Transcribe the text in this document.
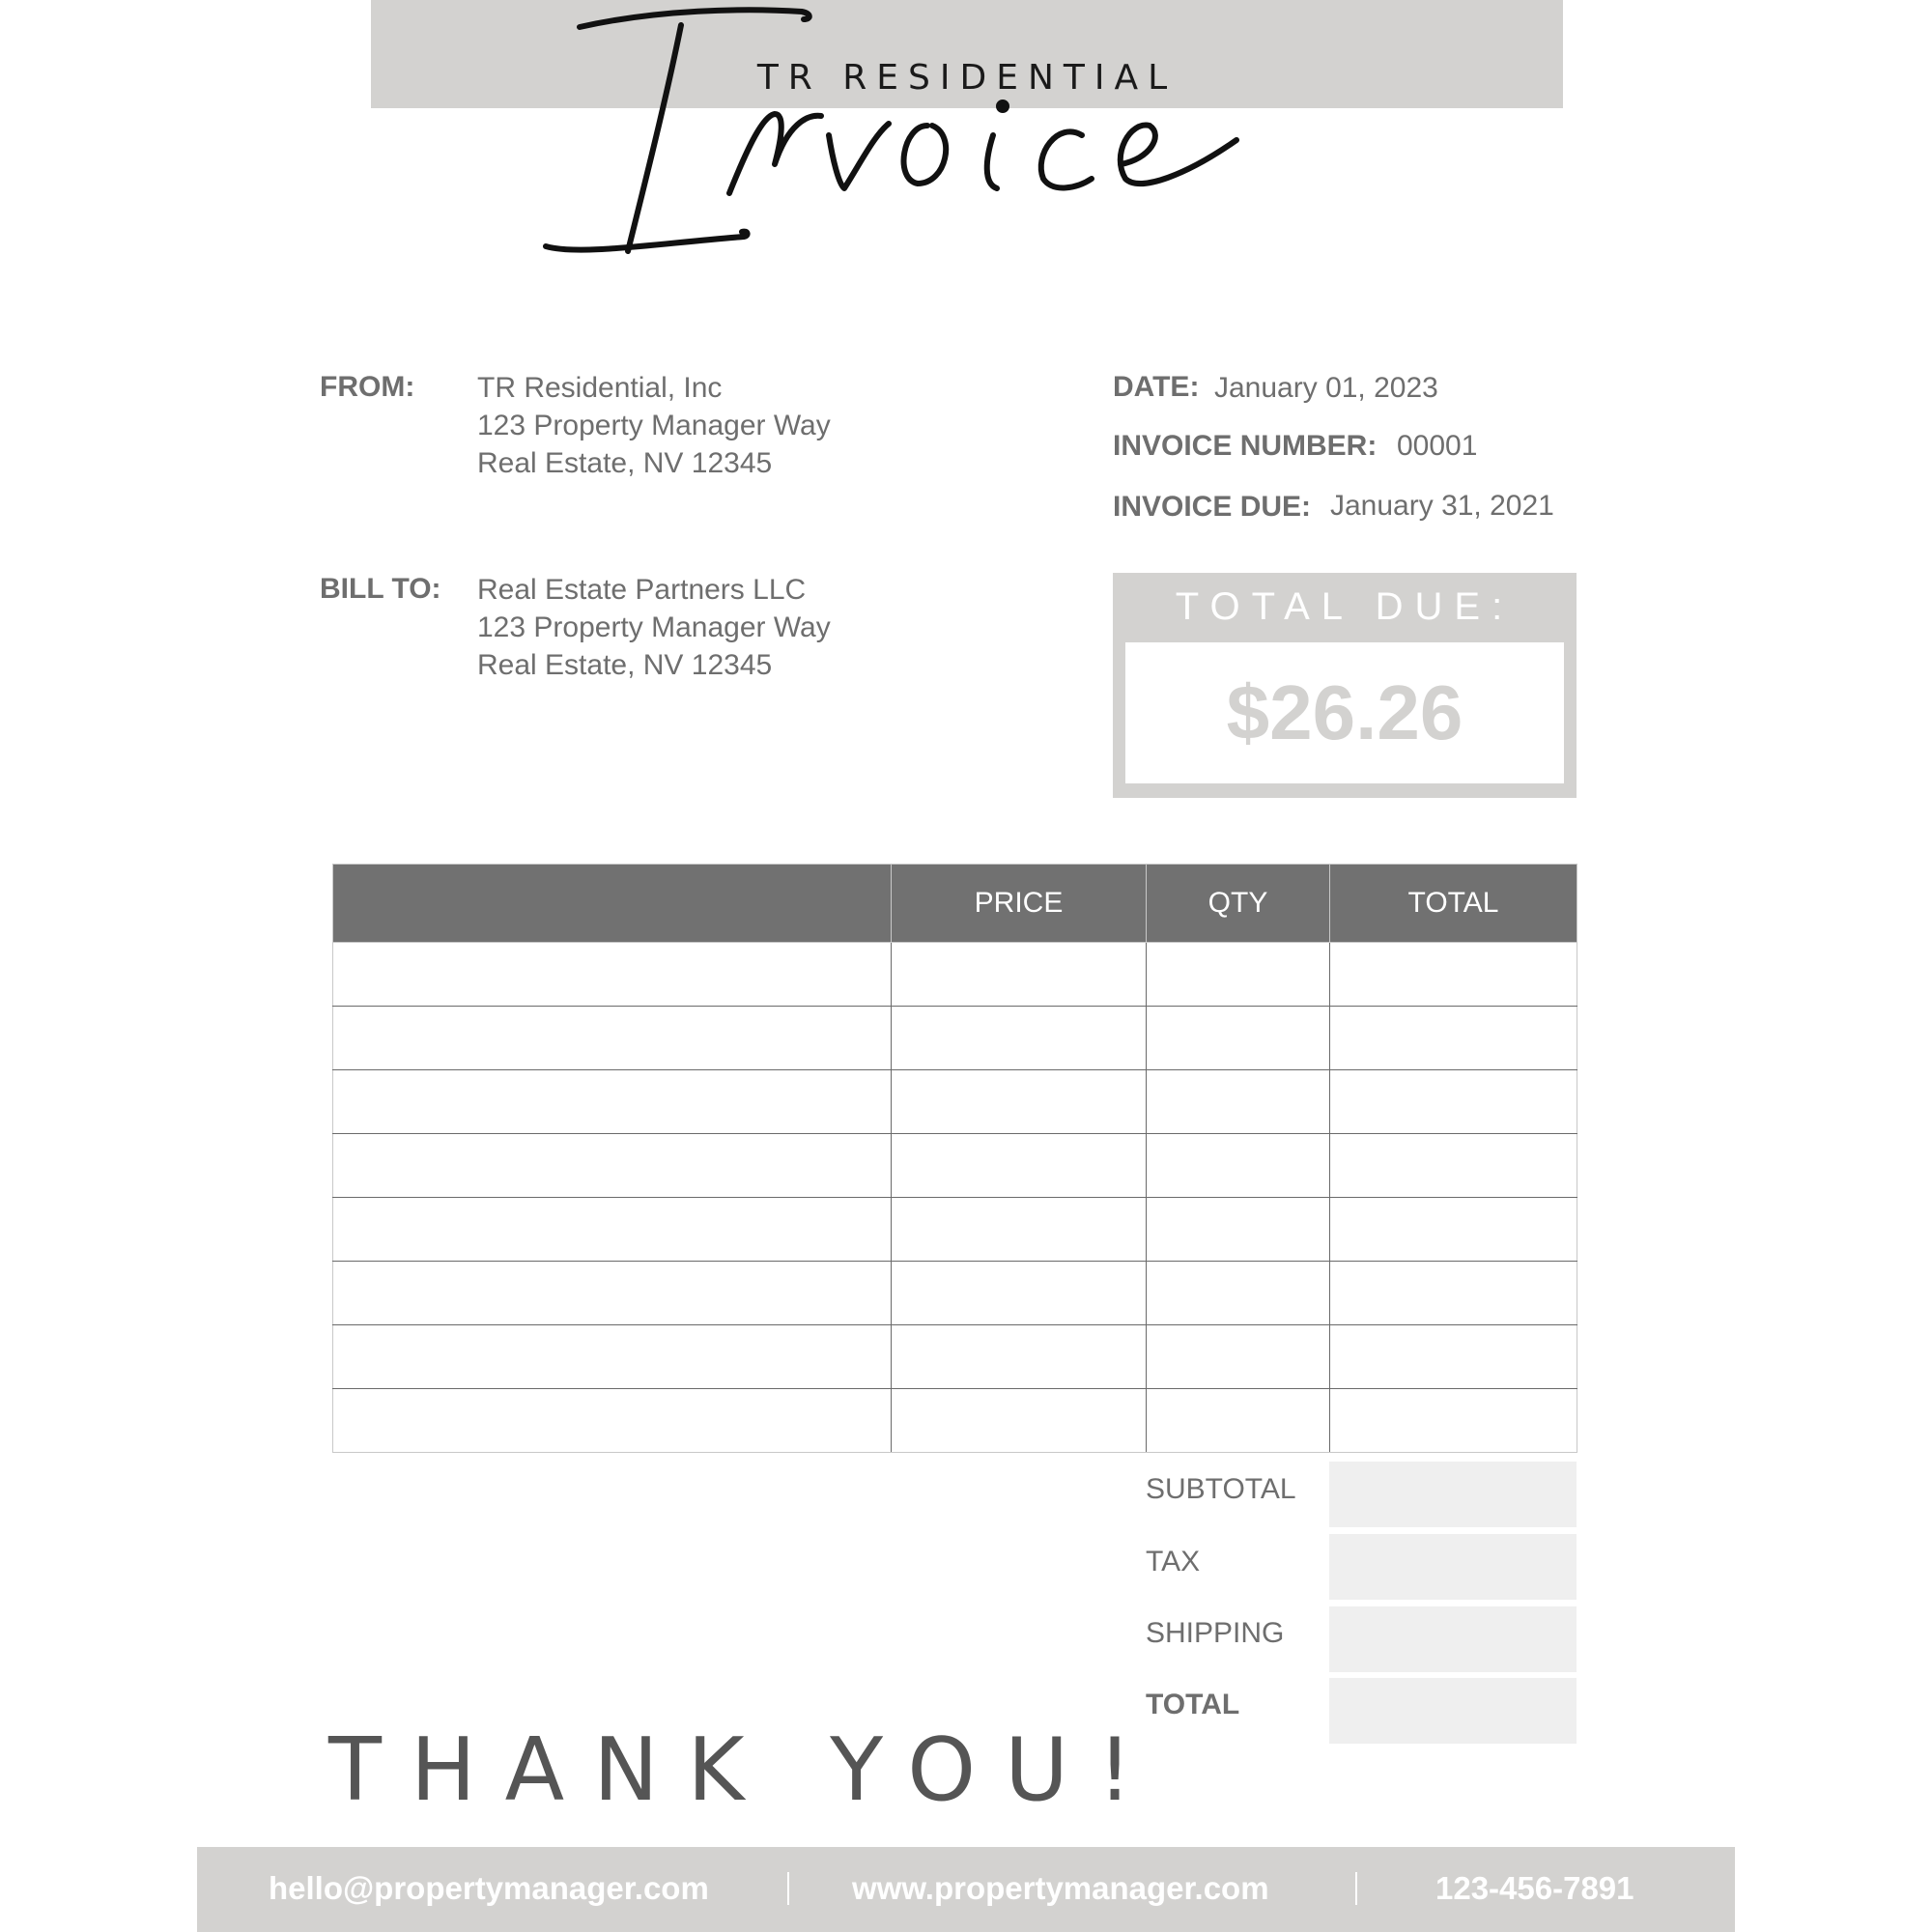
TR RESIDENTIAL
FROM: TR Residential, Inc
123 Property Manager Way
Real Estate, NV 12345
BILL TO: Real Estate Partners LLC
123 Property Manager Way
Real Estate, NV 12345
DATE: January 01, 2023
INVOICE NUMBER: 00001
INVOICE DUE: January 31, 2021
TOTAL DUE:
$26.26
	PRICE	QTY	TOTAL

SUBTOTAL
TAX
SHIPPING
TOTAL
THANK YOU!
hello@propertymanager.com	www.propertymanager.com	123-456-7891
